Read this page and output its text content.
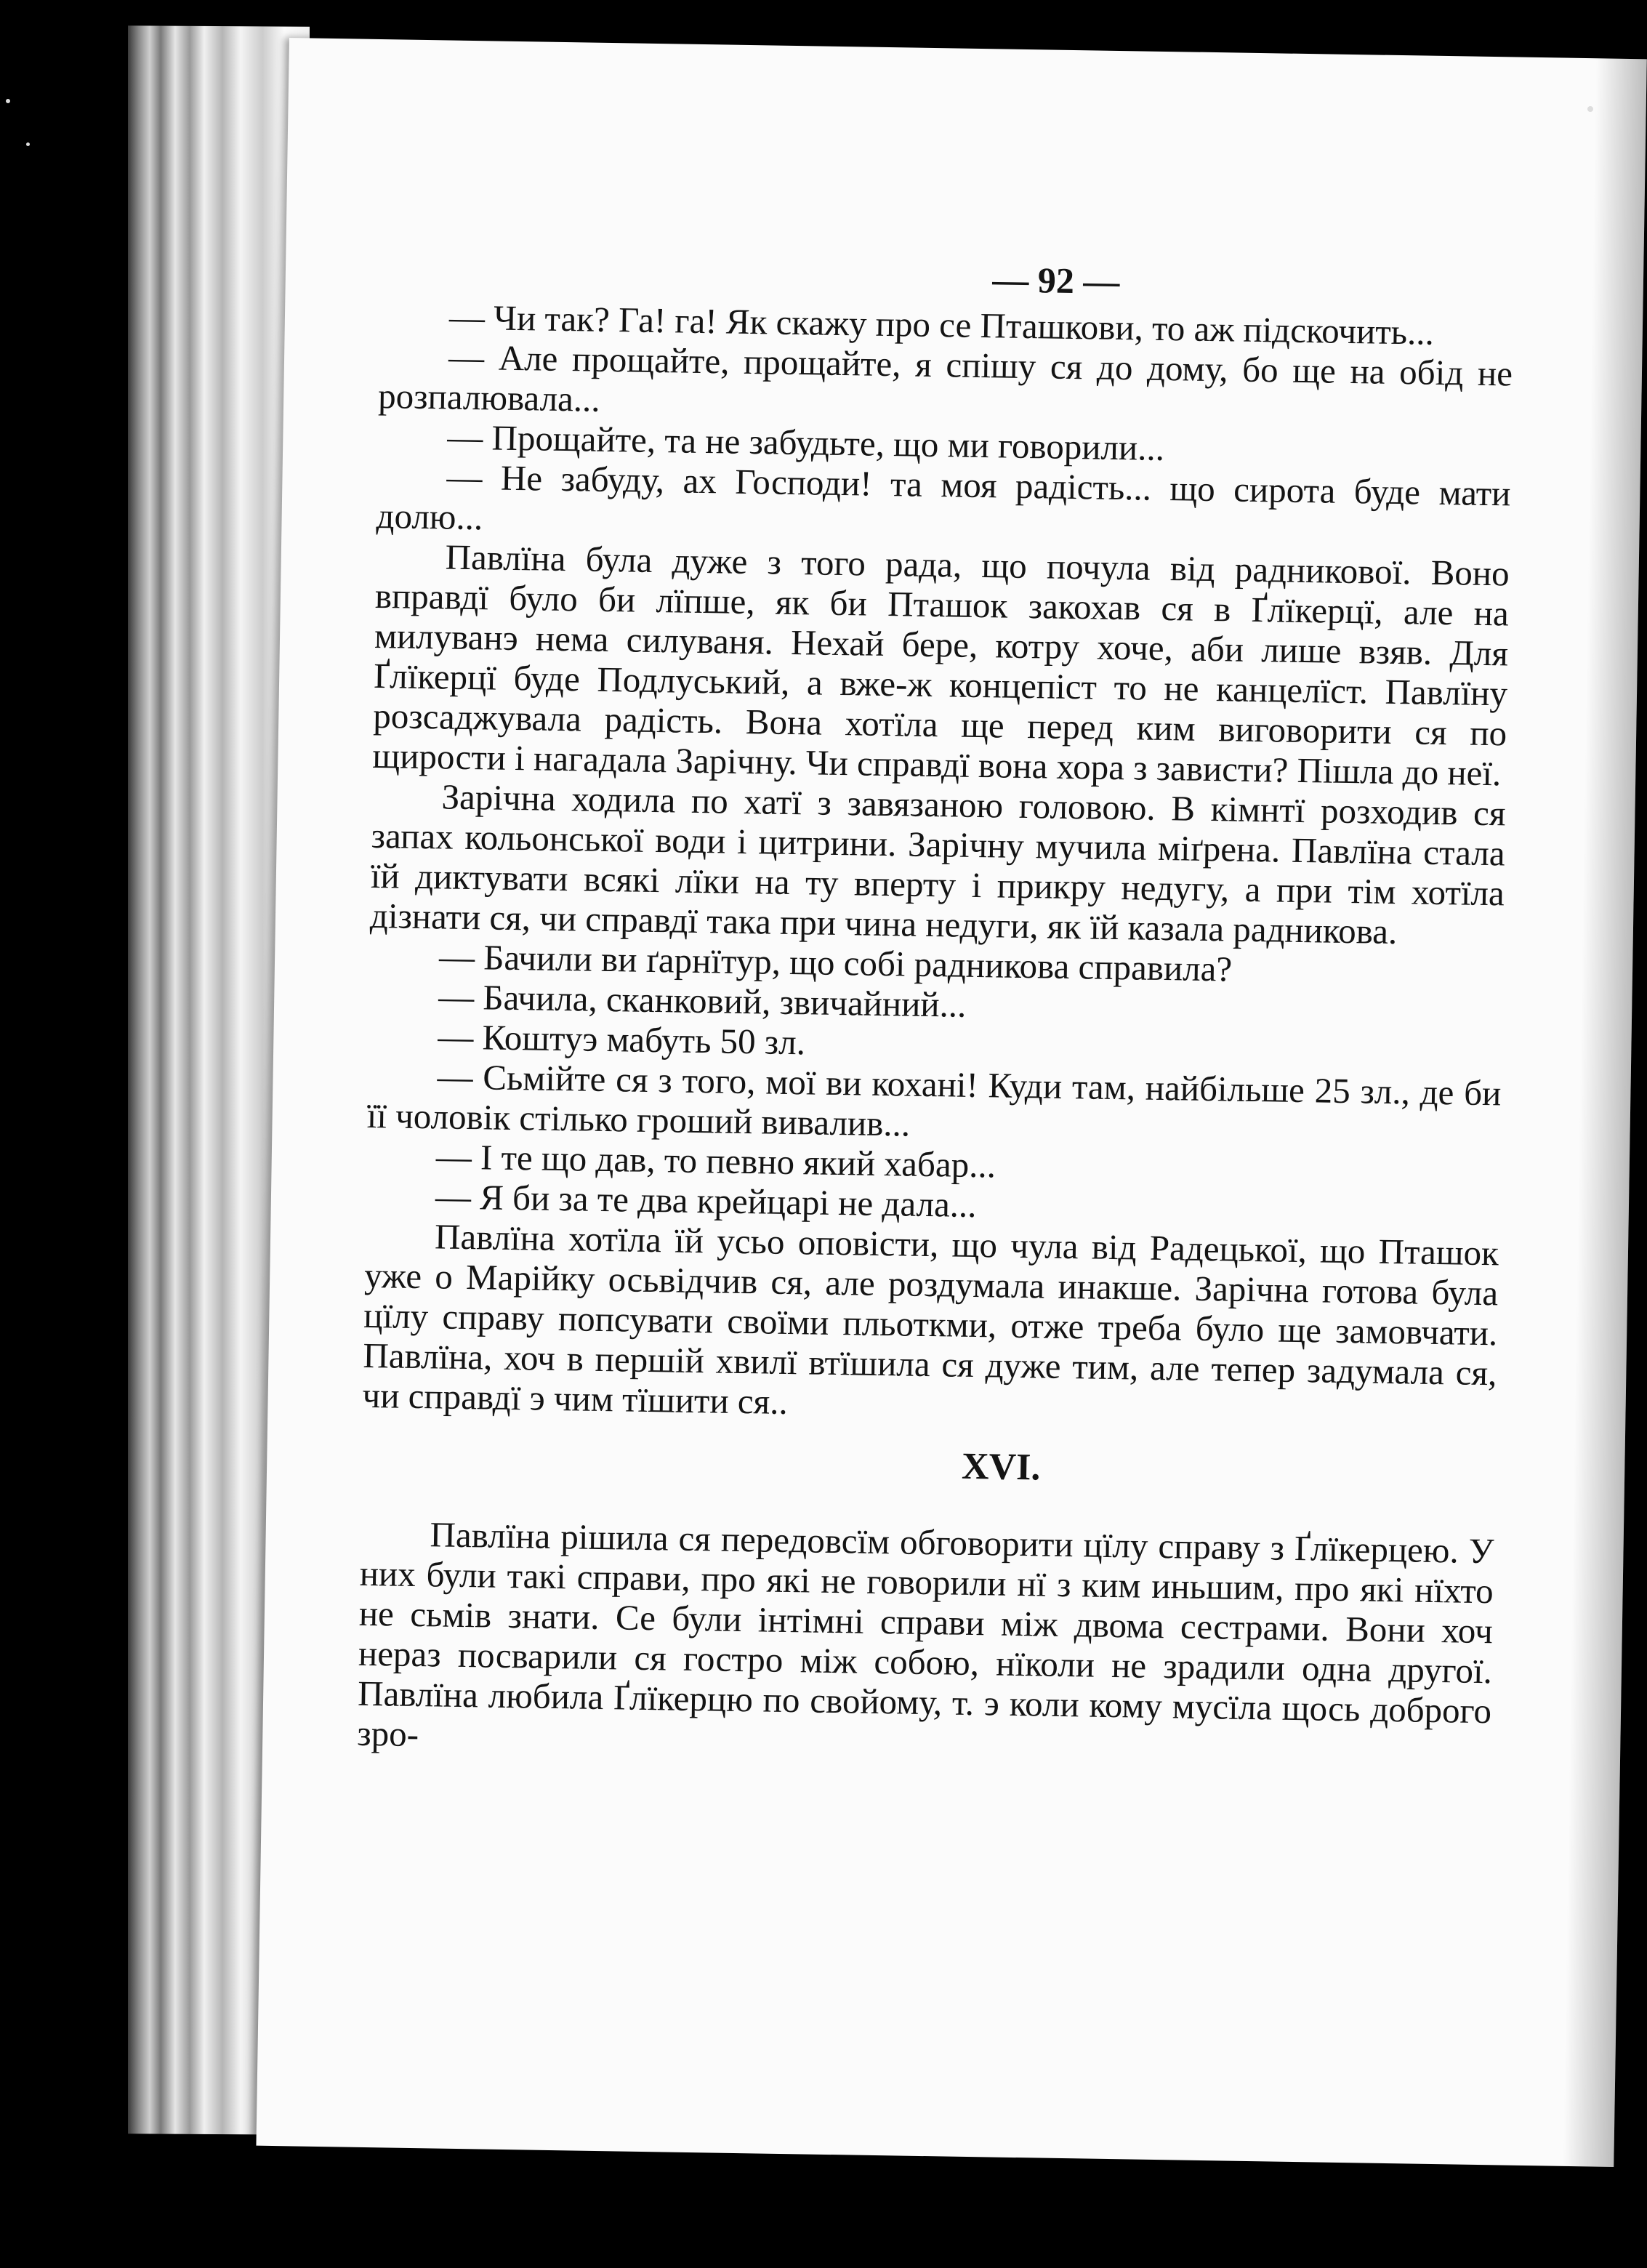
— 92 —

— Чи так? Га! га! Як скажу про се Пташкови, то аж підскочить...

— Але прощайте, прощайте, я спішу ся до дому, бо ще на обід не розпалювала...

— Прощайте, та не забудьте, що ми говорили...

— Не забуду, ах Господи! та моя радість... що сирота буде мати долю...

Павлїна була дуже з того рада, що почула від радникової. Воно вправдї було би лїпше, як би Пташок закохав ся в Ґлїкерцї, але на милуванэ нема силуваня. Нехай бере, котру хоче, аби лише взяв. Для Ґлїкерцї буде Подлуський, а вже-ж концепіст то не канцелїст. Павлїну розсаджувала радість. Вона хотїла ще перед ким виговорити ся по щирости і нагадала Зарічну. Чи справдї вона хора з зависти? Пішла до неї.

Зарічна ходила по хатї з завязаною головою. В кімнтї розходив ся запах кольонської води і цитрини. Зарічну мучила міґрена. Павлїна стала їй диктувати всякі лїки на ту вперту і прикру недугу, а при тім хотїла дізнати ся, чи справдї така при чина недуги, як їй казала радникова.

— Бачили ви ґарнїтур, що собі радникова справила?

— Бачила, сканковий, звичайний...

— Коштуэ мабуть 50 зл.

— Сьмійте ся з того, мої ви кохані! Куди там, найбільше 25 зл., де би її чоловік стілько гроший вивалив...

— І те що дав, то певно який хабар...

— Я би за те два крейцарі не дала...

Павлїна хотїла їй усьо оповісти, що чула від Радецької, що Пташок уже о Марійку осьвідчив ся, але роздумала инакше. Зарічна готова була цїлу справу попсувати своїми пльоткми, отже треба було ще замовчати. Павлїна, хоч в першій хвилї втїшила ся дуже тим, але тепер задумала ся, чи справдї э чим тїшити ся..

XVI.

Павлїна рішила ся передовсїм обговорити цїлу справу з Ґлїкерцею. У них були такі справи, про які не говорили нї з ким иньшим, про які нїхто не сьмів знати. Се були інтімні справи між двома сестрами. Вони хоч нераз посварили ся гостро між собою, нїколи не зрадили одна другої. Павлїна любила Ґлїкерцю по свойому, т. э коли кому мусїла щось доброго зро-
